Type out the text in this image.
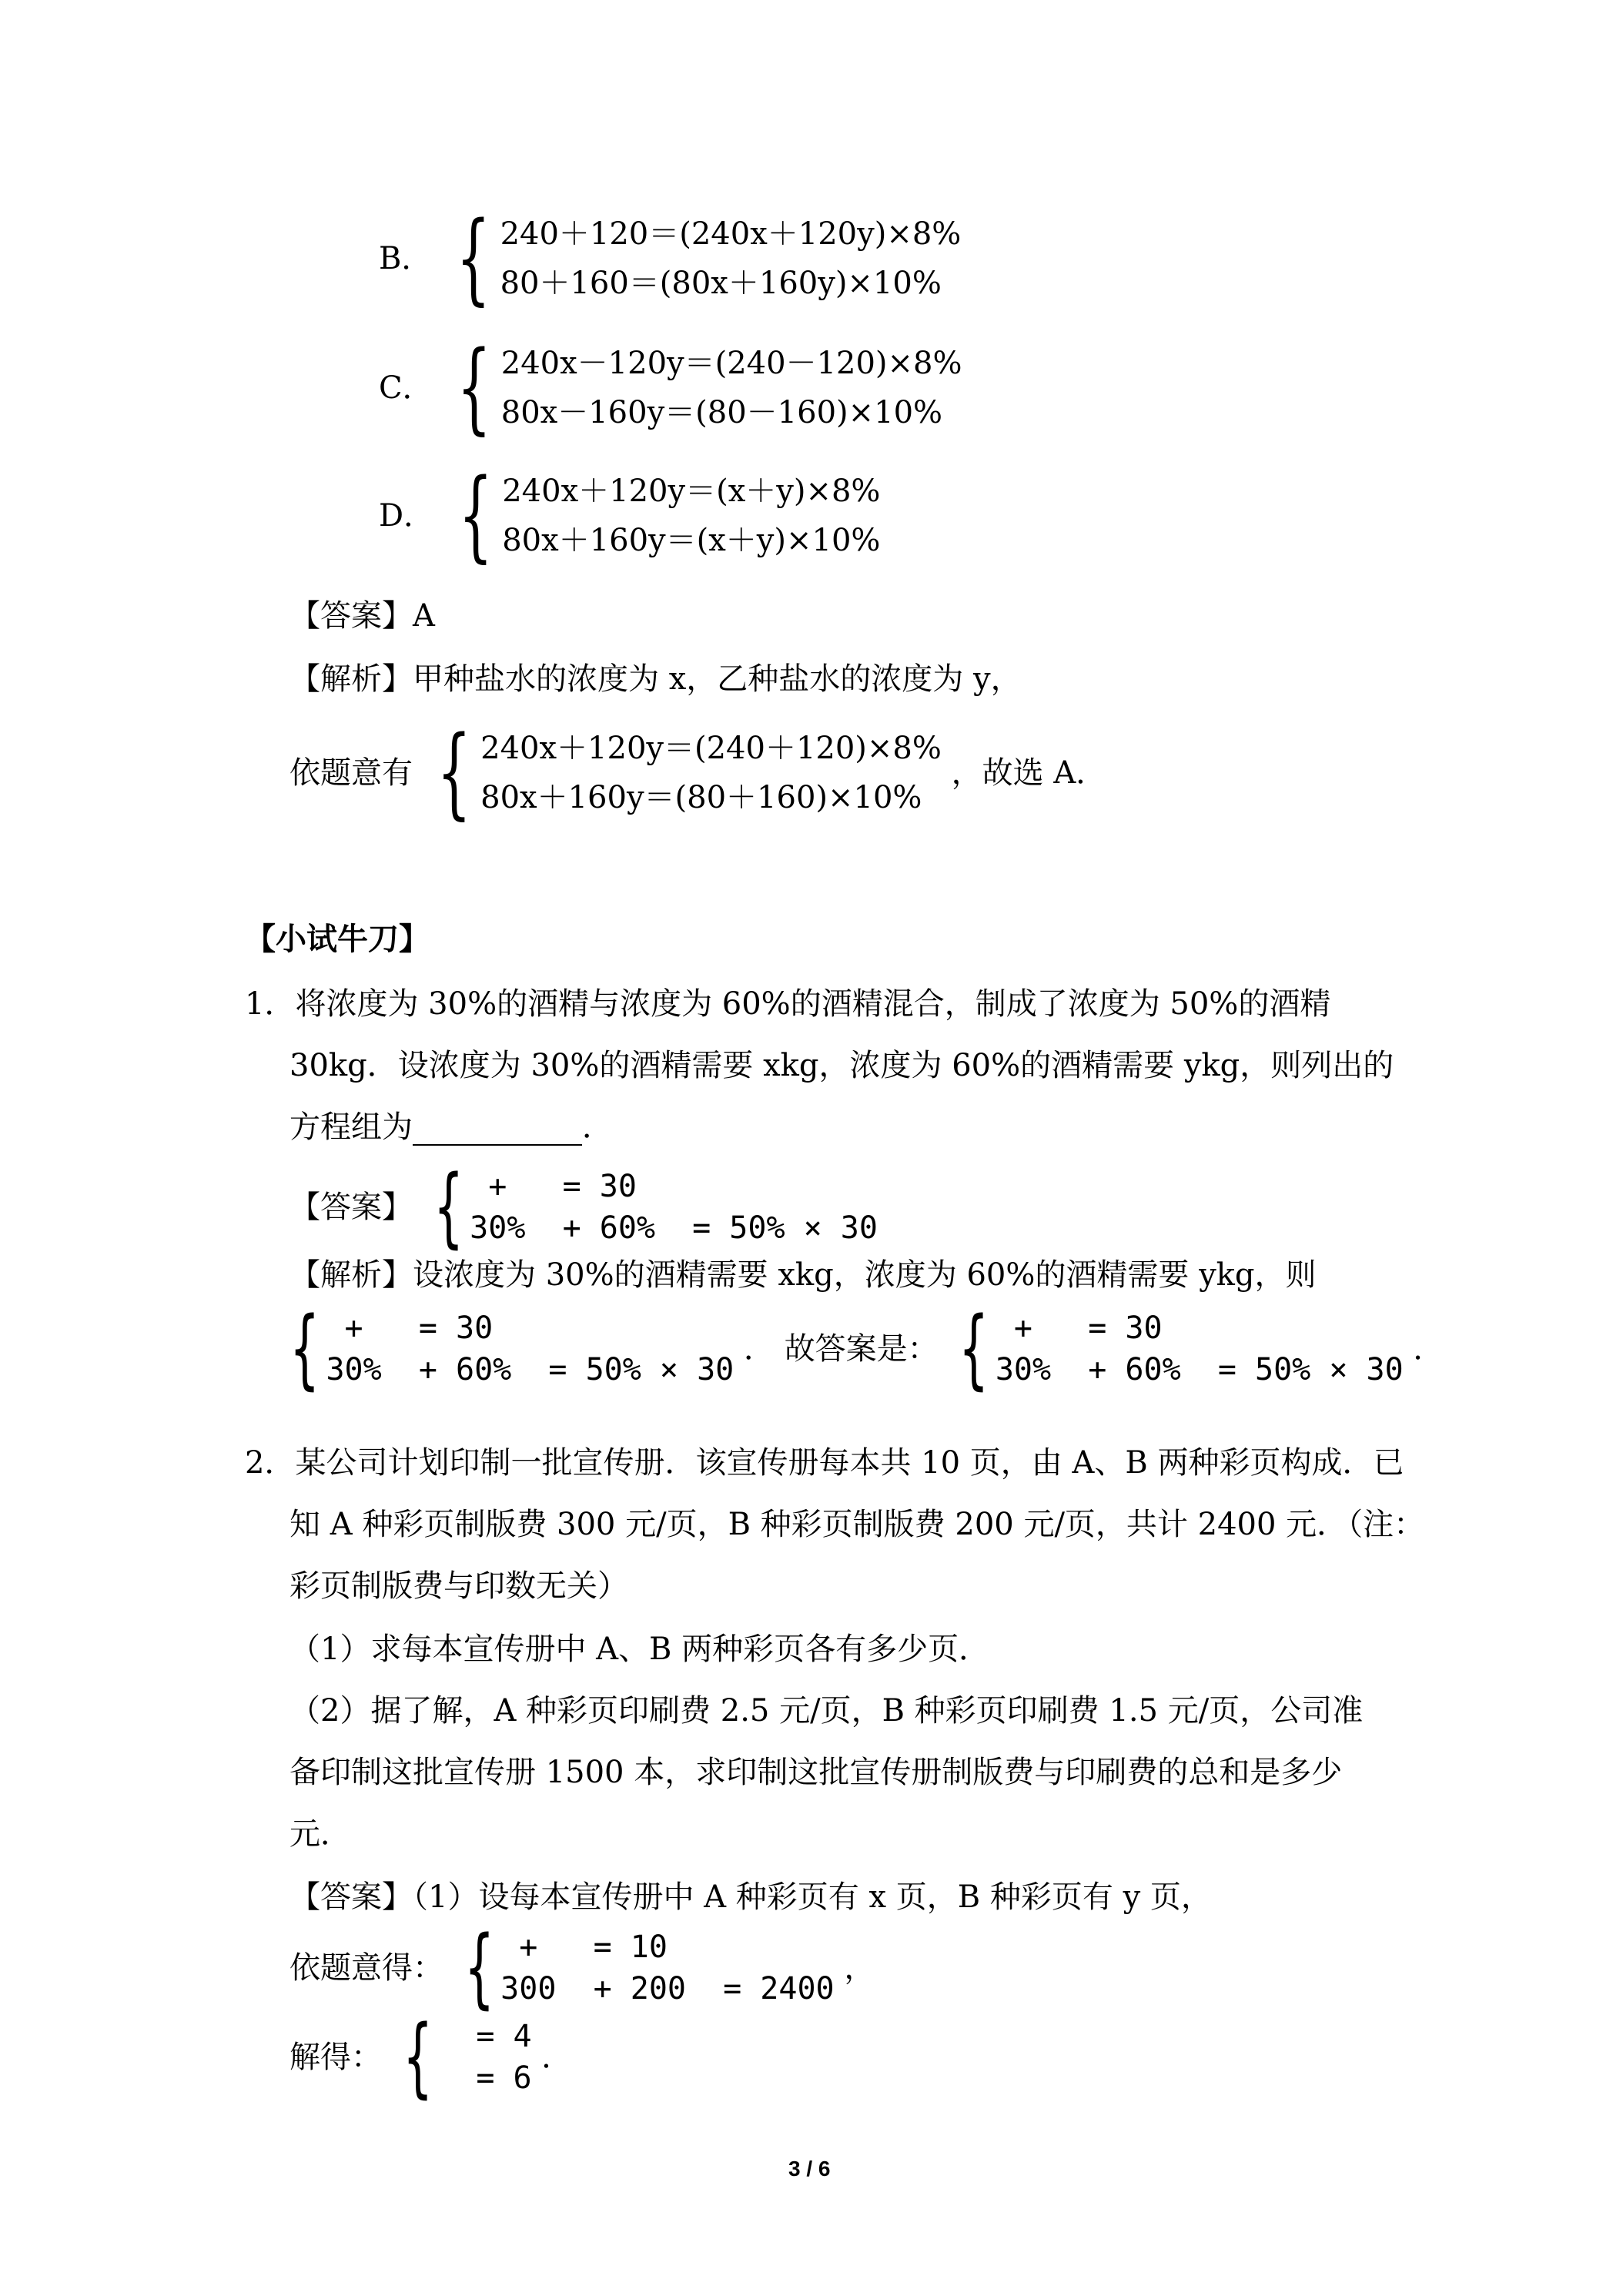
B． { 240＋120＝(240x＋120y)×8%
80＋160＝(80x＋160y)×10%
C． { 240x－120y＝(240－120)×8%
80x－160y＝(80－160)×10%
D． { 240x＋120y＝(x＋y)×8%
80x＋160y＝(x＋y)×10%
【答案】A
【解析】甲种盐水的浓度为 x，乙种盐水的浓度为 y，
依题意有 { 240x＋120y＝(240＋120)×8%
80x＋160y＝(80＋160)×10%
，故选 A．
【小试牛刀】
1．将浓度为 30%的酒精与浓度为 60%的酒精混合，制成了浓度为 50%的酒精
30kg．设浓度为 30%的酒精需要 xkg，浓度为 60%的酒精需要 ykg，则列出的
方程组为	．
【答案】 { +   = 30
30%  + 60%  = 50% × 30
【解析】设浓度为 30%的酒精需要 xkg，浓度为 60%的酒精需要 ykg，则
{ +   = 30
30%  + 60%  = 50% × 30
． 故答案是： { +   = 30
30%  + 60%  = 50% × 30
．
2．某公司计划印制一批宣传册．该宣传册每本共 10 页，由 A、B 两种彩页构成．已
知 A 种彩页制版费 300 元/页，B 种彩页制版费 200 元/页，共计 2400 元．（注：
彩页制版费与印数无关）
（1）求每本宣传册中 A、B 两种彩页各有多少页．
（2）据了解，A 种彩页印刷费 2.5 元/页，B 种彩页印刷费 1.5 元/页，公司准
备印制这批宣传册 1500 本，求印制这批宣传册制版费与印刷费的总和是多少
元．
【答案】（1）设每本宣传册中 A 种彩页有 x 页，B 种彩页有 y 页，
依题意得： { +   = 10
300  + 200  = 2400
，
解得： { = 4
= 6
．
3 / 6
